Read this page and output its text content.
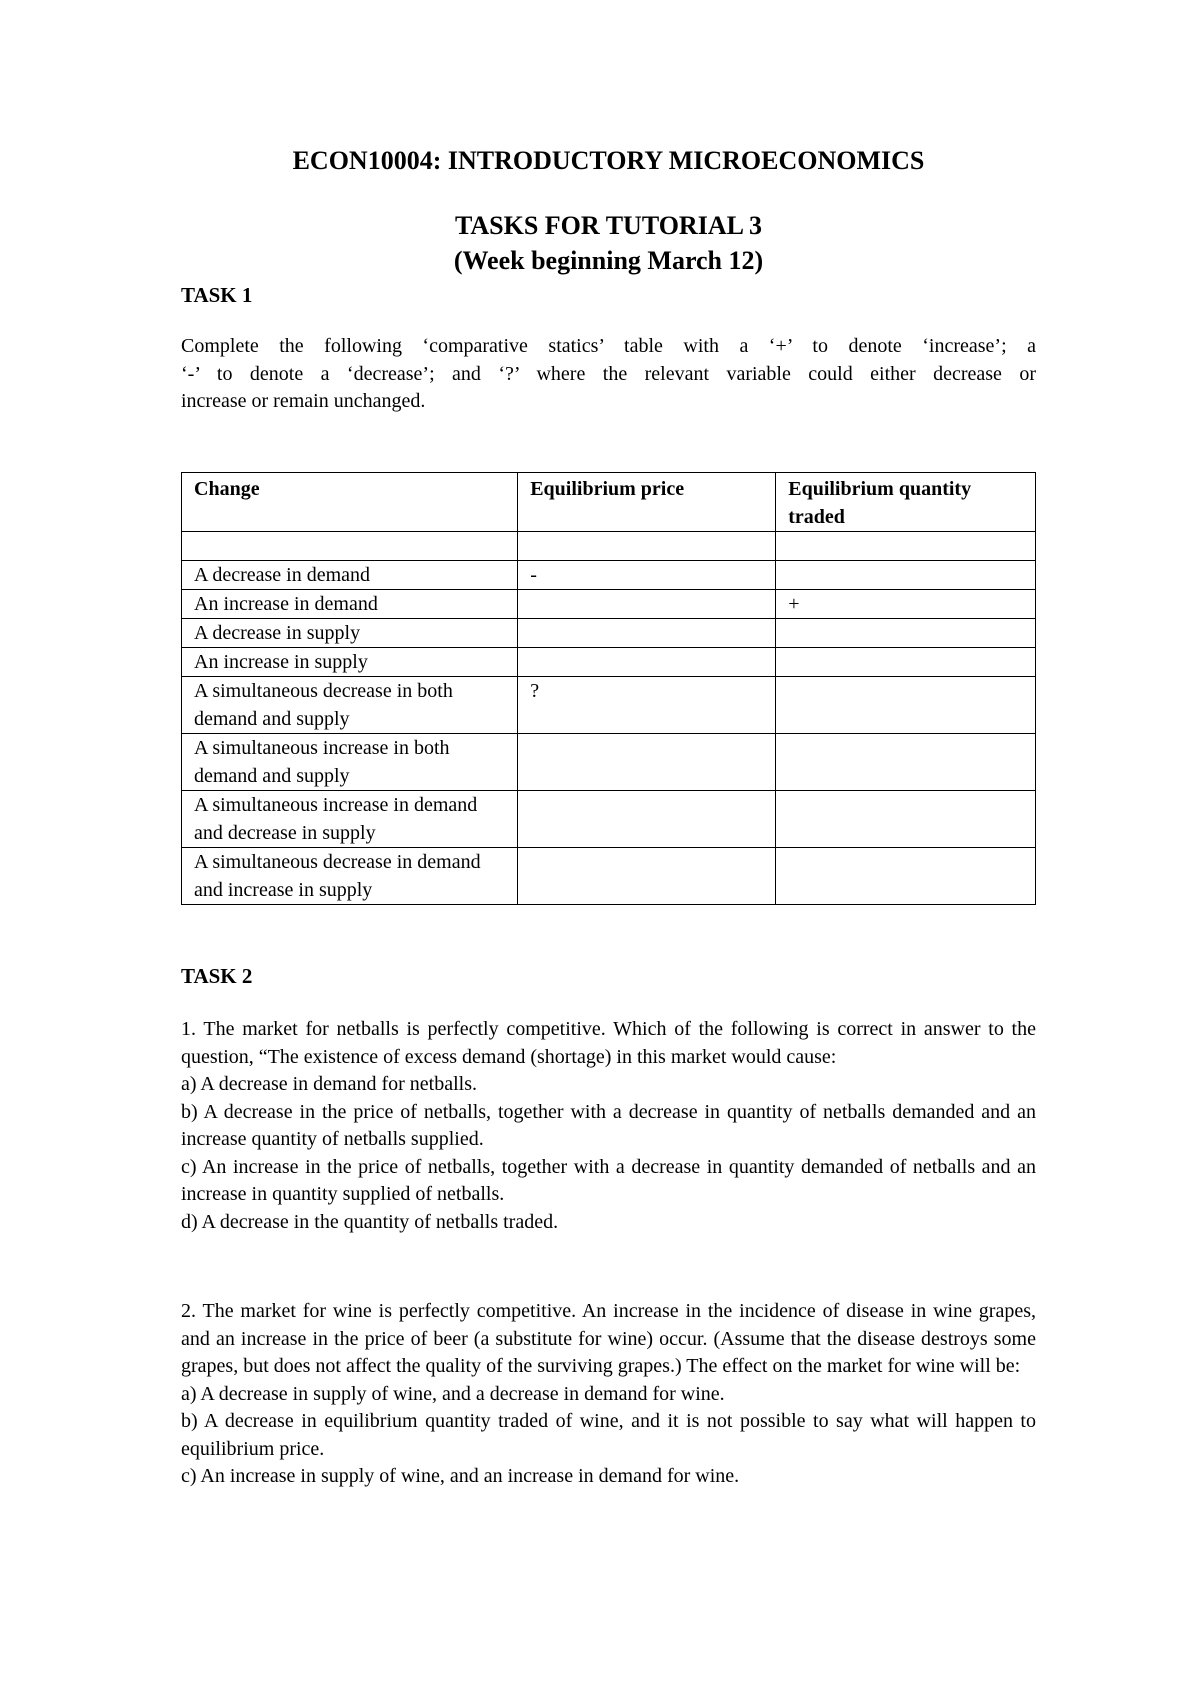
ECON10004: INTRODUCTORY MICROECONOMICS
TASKS FOR TUTORIAL 3
(Week beginning March 12)
TASK 1

Complete the following ‘comparative statics’ table with a ‘+’ to denote ‘increase’; a

‘-’ to denote a ‘decrease’; and ‘?’ where the relevant variable could either decrease or

increase or remain unchanged.

Change	Equilibrium price	Equilibrium quantity traded

A decrease in demand	-	
An increase in demand		+
A decrease in supply		
An increase in supply		
A simultaneous decrease in both demand and supply	?	
A simultaneous increase in both demand and supply		
A simultaneous increase in demand and decrease in supply		
A simultaneous decrease in demand and increase in supply		
TASK 2

1. The market for netballs is perfectly competitive. Which of the following is correct in answer to the question, “The existence of excess demand (shortage) in this market would cause:

a) A decrease in demand for netballs.

b) A decrease in the price of netballs, together with a decrease in quantity of netballs demanded and an increase quantity of netballs supplied.

c) An increase in the price of netballs, together with a decrease in quantity demanded of netballs and an increase in quantity supplied of netballs.

d) A decrease in the quantity of netballs traded.

2. The market for wine is perfectly competitive. An increase in the incidence of disease in wine grapes, and an increase in the price of beer (a substitute for wine) occur. (Assume that the disease destroys some grapes, but does not affect the quality of the surviving grapes.) The effect on the market for wine will be:

a) A decrease in supply of wine, and a decrease in demand for wine.

b) A decrease in equilibrium quantity traded of wine, and it is not possible to say what will happen to equilibrium price.

c) An increase in supply of wine, and an increase in demand for wine.
